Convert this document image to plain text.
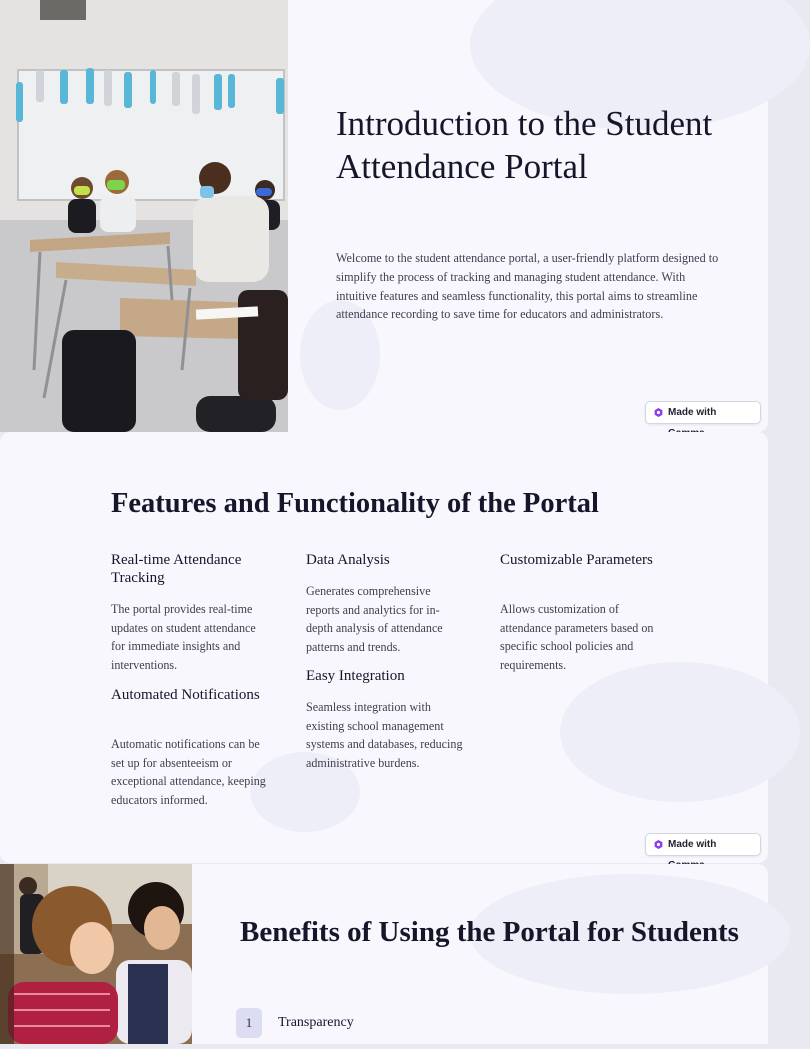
Introduction to the Student Attendance Portal

Welcome to the student attendance portal, a user-friendly platform designed to simplify the process of tracking and managing student attendance. With intuitive features and seamless functionality, this portal aims to streamline attendance recording to save time for educators and administrators.

Made with
Features and Functionality of the Portal
Real-time Attendance Tracking

The portal provides real-time updates on student attendance for immediate insights and interventions.

Automated Notifications

Automatic notifications can be set up for absenteeism or exceptional attendance, keeping educators informed.

Data Analysis

Generates comprehensive reports and analytics for in-depth analysis of attendance patterns and trends.

Easy Integration

Seamless integration with existing school management systems and databases, reducing administrative burdens.

Customizable Parameters

Allows customization of attendance parameters based on specific school policies and requirements.

Made with
Benefits of Using the Portal for Students
1	Transparency
